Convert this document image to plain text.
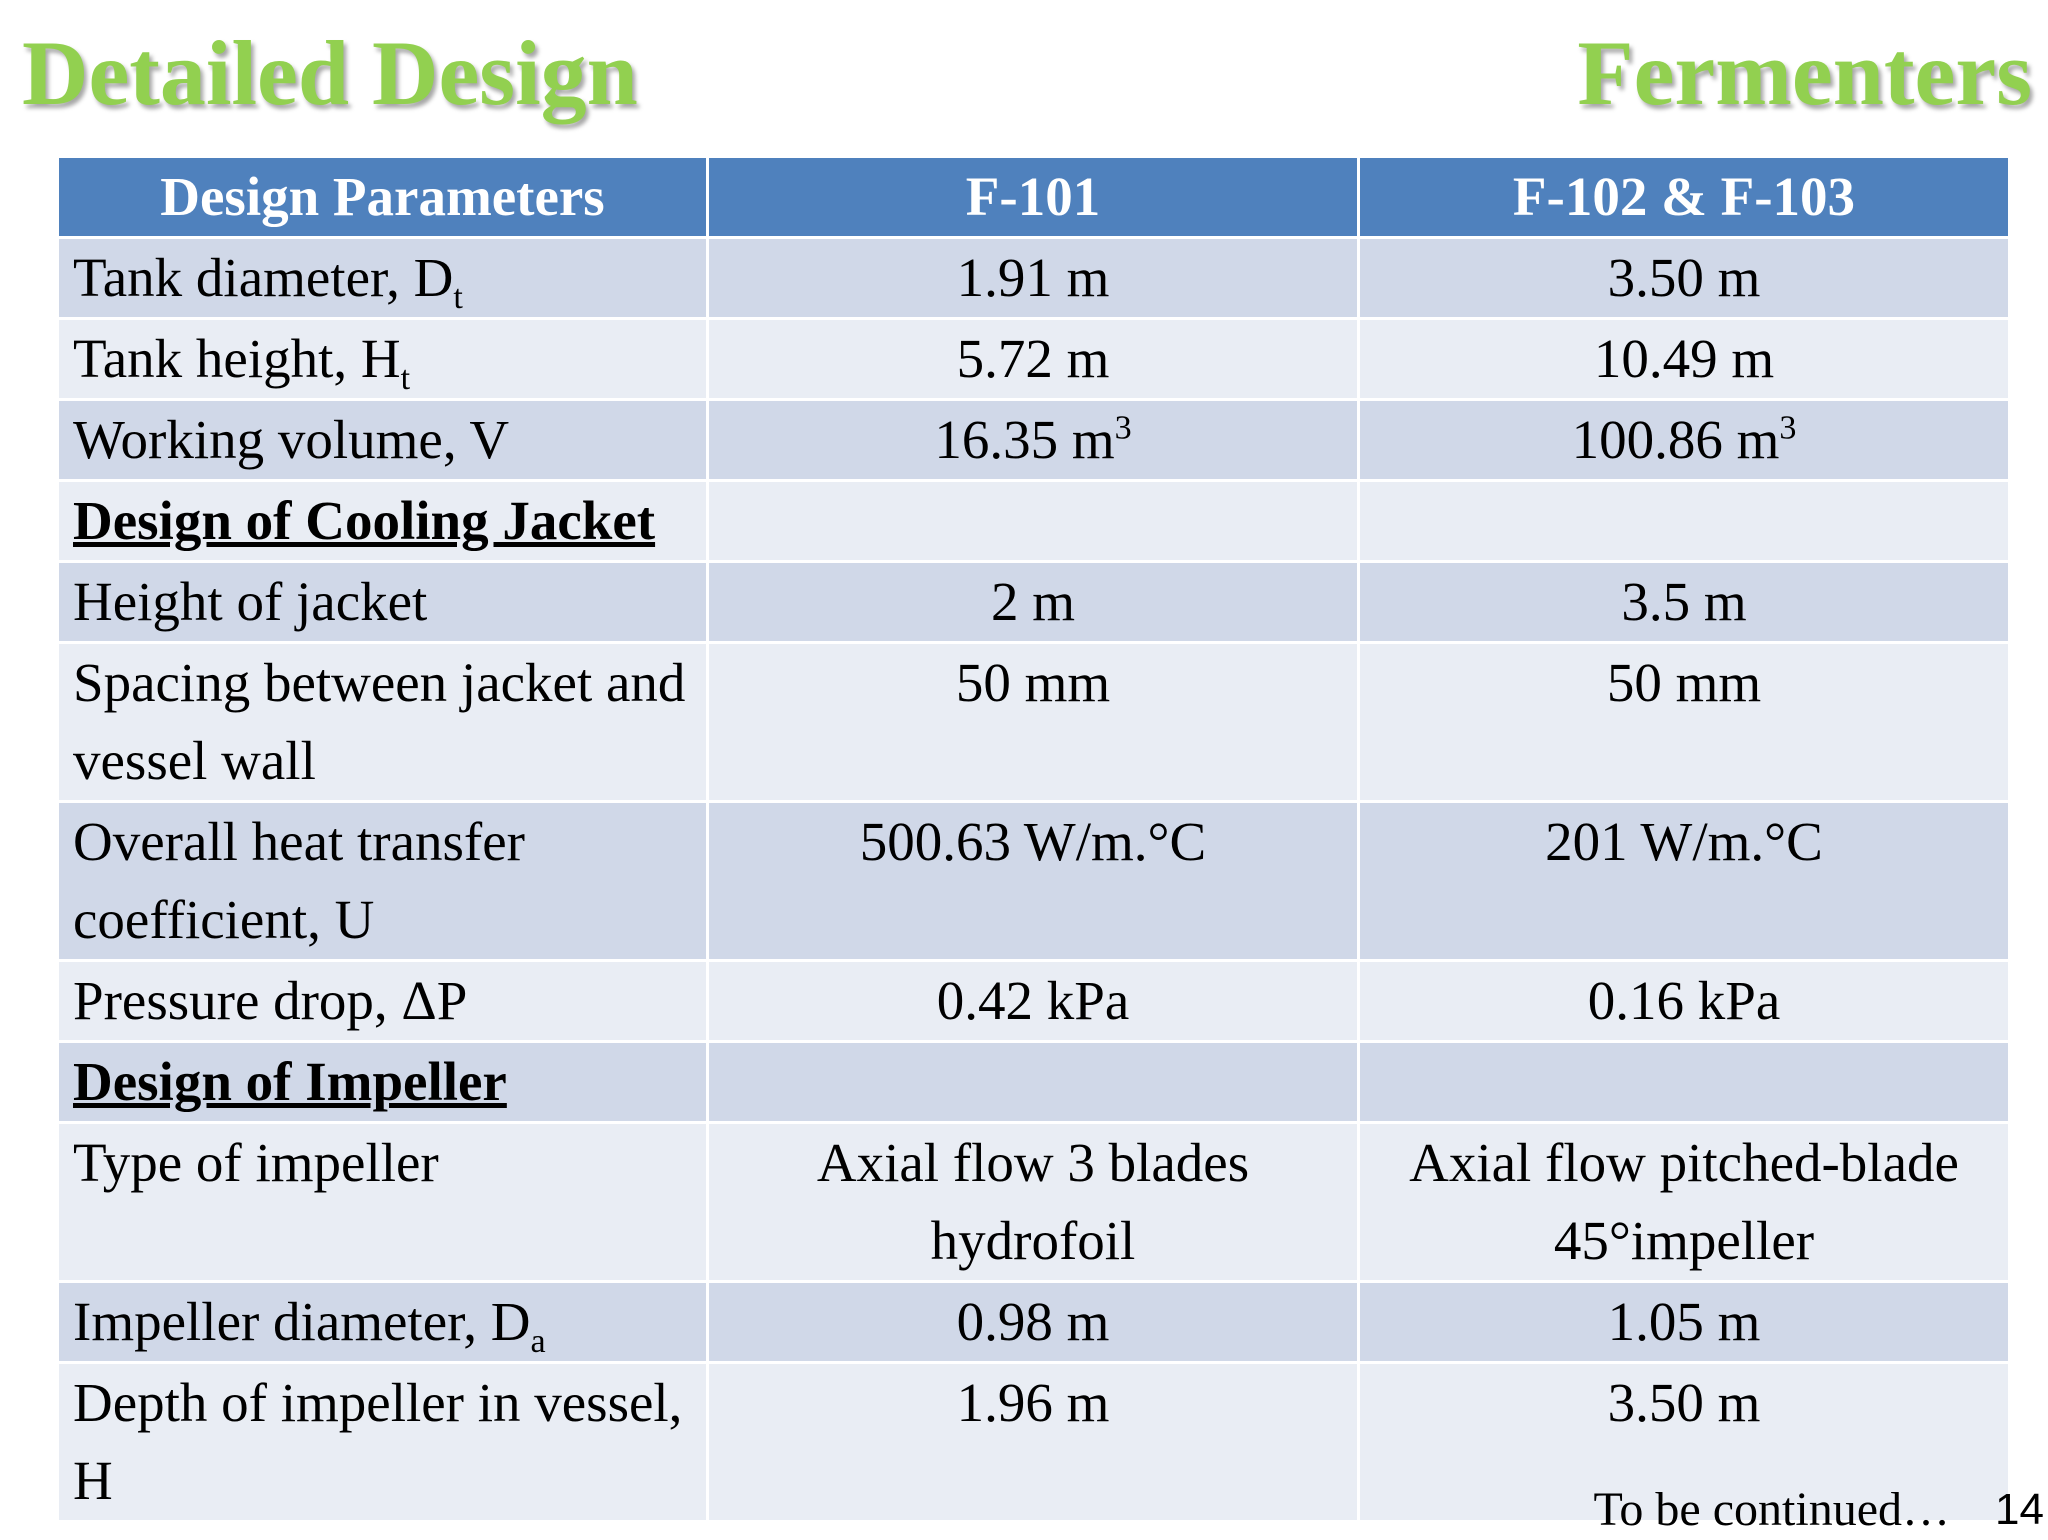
Detailed Design	Fermenters
Design Parameters	F-101	F-102 & F-103
Tank diameter, $D_t$	1.91 m	3.50 m
Tank height, $H_t$	5.72 m	10.49 m
Working volume, V	16.35 $m^3$	100.86 $m^3$
Design of Cooling Jacket		
Height of jacket	2 m	3.5 m
Spacing between jacket and vessel wall	50 mm	50 mm
Overall heat transfer coefficient, U	500.63 W/m.°C	201 W/m.°C
Pressure drop, ΔP	0.42 kPa	0.16 kPa
Design of Impeller		
Type of impeller	Axial flow 3 blades hydrofoil	Axial flow pitched-blade 45°impeller
Impeller diameter, $D_a$	0.98 m	1.05 m
Depth of impeller in vessel, H	1.96 m	3.50 m
To be continued… 14
